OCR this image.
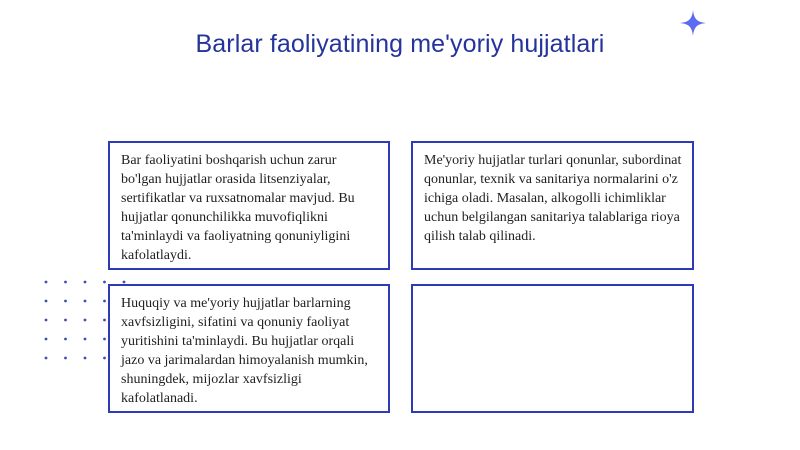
Barlar faoliyatining me'yoriy hujjatlari

Bar faoliyatini boshqarish uchun zarur bo'lgan hujjatlar orasida litsenziyalar, sertifikatlar va ruxsatnomalar mavjud. Bu hujjatlar qonunchilikka muvofiqlikni ta'minlaydi va faoliyatning qonuniyligini kafolatlaydi.

Me'yoriy hujjatlar turlari qonunlar, subordinat qonunlar, texnik va sanitariya normalarini o'z ichiga oladi. Masalan, alkogolli ichimliklar uchun belgilangan sanitariya talablariga rioya qilish talab qilinadi.

Huquqiy va me'yoriy hujjatlar barlarning xavfsizligini, sifatini va qonuniy faoliyat yuritishini ta'minlaydi. Bu hujjatlar orqali jazo va jarimalardan himoyalanish mumkin, shuningdek, mijozlar xavfsizligi kafolatlanadi.
